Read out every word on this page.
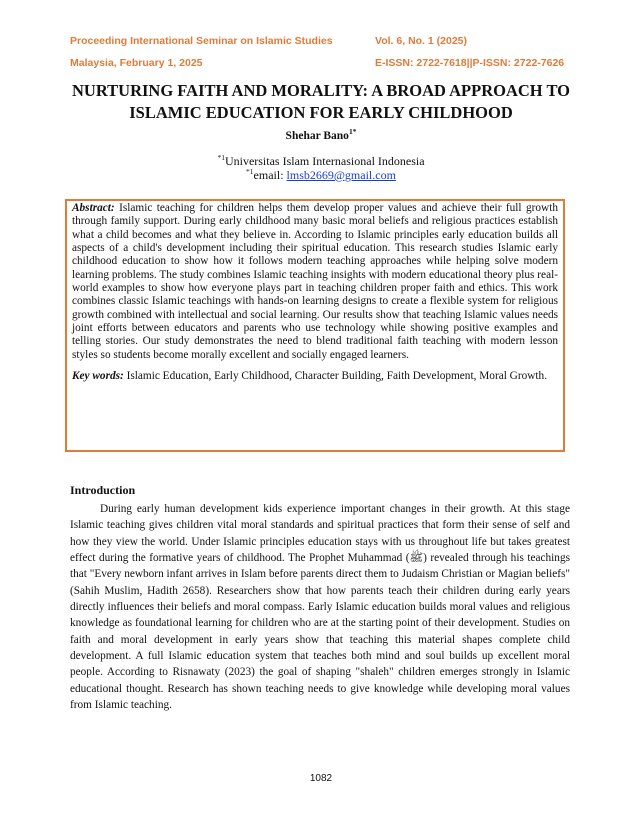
Proceeding International Seminar on Islamic Studies	Vol. 6, No. 1 (2025)
Malaysia, February 1, 2025	E-ISSN: 2722-7618||P-ISSN: 2722-7626
NURTURING FAITH AND MORALITY: A BROAD APPROACH TO ISLAMIC EDUCATION FOR EARLY CHILDHOOD
Shehar Bano$^{1*}$
$^{*1}$Universitas Islam Internasional Indonesia
$^{*1}$email: lmsb2669@gmail.com

Abstract: Islamic teaching for children helps them develop proper values and achieve their full growth through family support. During early childhood many basic moral beliefs and religious practices establish what a child becomes and what they believe in. According to Islamic principles early education builds all aspects of a child's development including their spiritual education. This research studies Islamic early childhood education to show how it follows modern teaching approaches while helping solve modern learning problems. The study combines Islamic teaching insights with modern educational theory plus real-world examples to show how everyone plays part in teaching children proper faith and ethics. This work combines classic Islamic teachings with hands-on learning designs to create a flexible system for religious growth combined with intellectual and social learning. Our results show that teaching Islamic values needs joint efforts between educators and parents who use technology while showing positive examples and telling stories. Our study demonstrates the need to blend traditional faith teaching with modern lesson styles so students become morally excellent and socially engaged learners.

Key words: Islamic Education, Early Childhood, Character Building, Faith Development, Moral Growth.

Introduction

During early human development kids experience important changes in their growth. At this stage Islamic teaching gives children vital moral standards and spiritual practices that form their sense of self and how they view the world. Under Islamic principles education stays with us throughout life but takes greatest effect during the formative years of childhood. The Prophet Muhammad (ﷺ) revealed through his teachings that "Every newborn infant arrives in Islam before parents direct them to Judaism Christian or Magian beliefs" (Sahih Muslim, Hadith 2658). Researchers show that how parents teach their children during early years directly influences their beliefs and moral compass. Early Islamic education builds moral values and religious knowledge as foundational learning for children who are at the starting point of their development. Studies on faith and moral development in early years show that teaching this material shapes complete child development. A full Islamic education system that teaches both mind and soul builds up excellent moral people. According to Risnawaty (2023) the goal of shaping "shaleh" children emerges strongly in Islamic educational thought. Research has shown teaching needs to give knowledge while developing moral values from Islamic teaching.

1082
